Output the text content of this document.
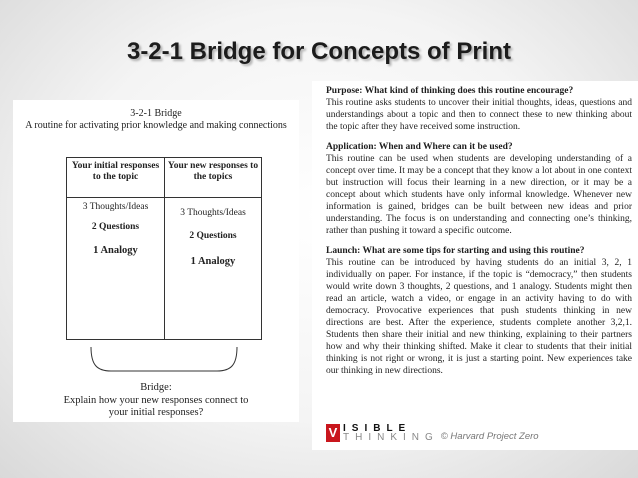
3-2-1 Bridge for Concepts of Print
3-2-1 Bridge
A routine for activating prior knowledge and making connections
Your initial responses to the topic
3 Thoughts/Ideas
2 Questions
1 Analogy
Your new responses to the topics
3 Thoughts/Ideas
2 Questions
1 Analogy
Bridge:
Explain how your new responses connect to your initial responses?
Purpose: What kind of thinking does this routine encourage?

This routine asks students to uncover their initial thoughts, ideas, questions and understandings about a topic and then to connect these to new thinking about the topic after they have received some instruction.

Application: When and Where can it be used?

This routine can be used when students are developing understanding of a concept over time. It may be a concept that they know a lot about in one context but instruction will focus their learning in a new direction, or it may be a concept about which students have only informal knowledge. Whenever new information is gained, bridges can be built between new ideas and prior understanding. The focus is on understanding and connecting one’s thinking, rather than pushing it toward a specific outcome.

Launch: What are some tips for starting and using this routine?

This routine can be introduced by having students do an initial 3, 2, 1 individually on paper. For instance, if the topic is “democracy,” then students would write down 3 thoughts, 2 questions, and 1 analogy. Students might then read an article, watch a video, or engage in an activity having to do with democracy. Provocative experiences that push students thinking in new directions are best. After the experience, students complete another 3,2,1. Students then share their initial and new thinking, explaining to their partners how and why their thinking shifted. Make it clear to students that their initial thinking is not right or wrong, it is just a starting point. New experiences take our thinking in new directions.

V ISIBLE
THINKING © Harvard Project Zero
